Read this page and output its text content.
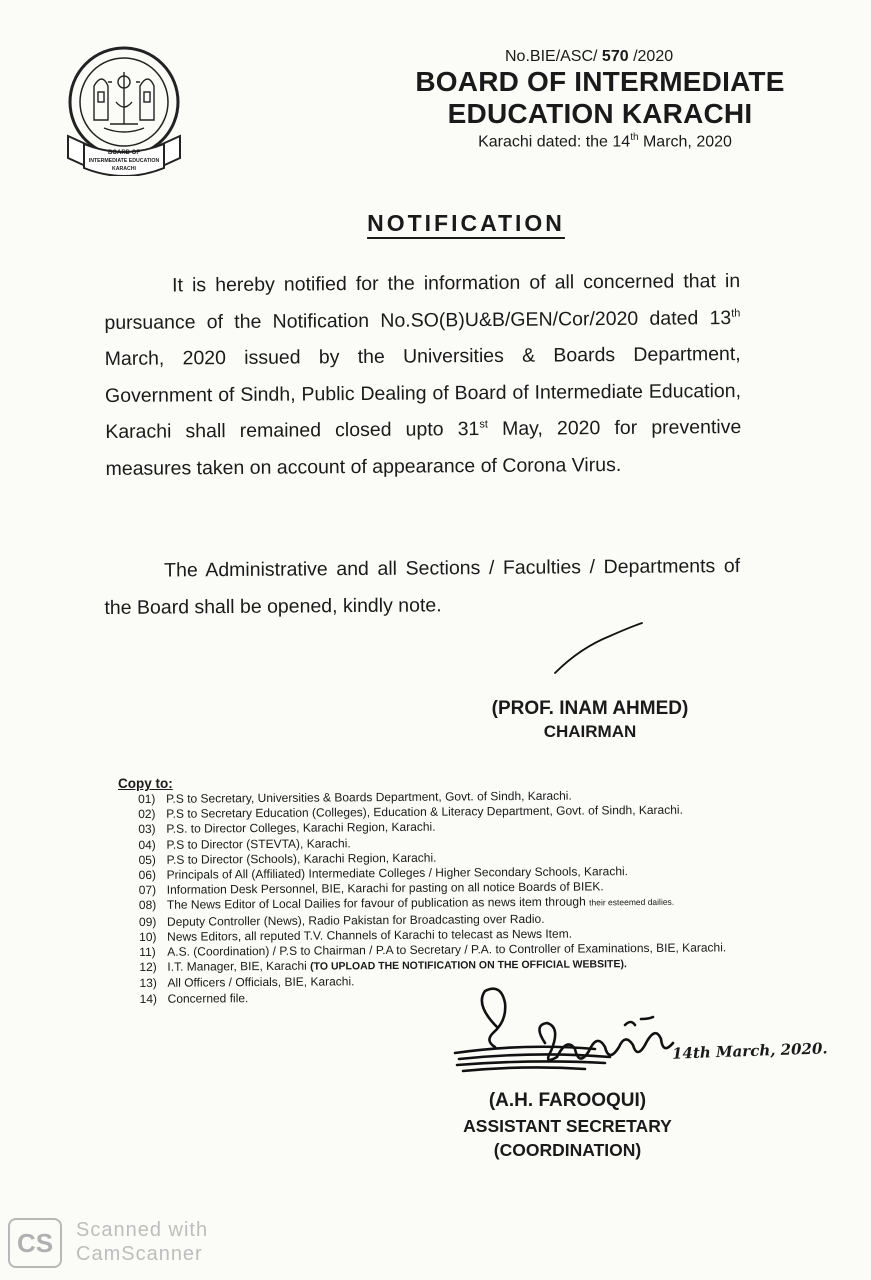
BOARD OF
INTERMEDIATE EDUCATION
KARACHI
No.BIE/ASC/ 570 /2020
BOARD OF INTERMEDIATE
EDUCATION KARACHI
Karachi dated: the 14th March, 2020
NOTIFICATION
It is hereby notified for the information of all concerned that in pursuance of the Notification No.SO(B)U&B/GEN/Cor/2020 dated 13th March, 2020 issued by the Universities & Boards Department, Government of Sindh, Public Dealing of Board of Intermediate Education, Karachi shall remained closed upto 31st May, 2020 for preventive measures taken on account of appearance of Corona Virus.
The Administrative and all Sections / Faculties / Departments of the Board shall be opened, kindly note.
(PROF. INAM AHMED)
CHAIRMAN
Copy to:
01) P.S to Secretary, Universities & Boards Department, Govt. of Sindh, Karachi.
02) P.S to Secretary Education (Colleges), Education & Literacy Department, Govt. of Sindh, Karachi.
03) P.S. to Director Colleges, Karachi Region, Karachi.
04) P.S to Director (STEVTA), Karachi.
05) P.S to Director (Schools), Karachi Region, Karachi.
06) Principals of All (Affiliated) Intermediate Colleges / Higher Secondary Schools, Karachi.
07) Information Desk Personnel, BIE, Karachi for pasting on all notice Boards of BIEK.
08) The News Editor of Local Dailies for favour of publication as news item through their esteemed dailies.
09) Deputy Controller (News), Radio Pakistan for Broadcasting over Radio.
10) News Editors, all reputed T.V. Channels of Karachi to telecast as News Item.
11) A.S. (Coordination) / P.S to Chairman / P.A to Secretary / P.A. to Controller of Examinations, BIE, Karachi.
12) I.T. Manager, BIE, Karachi (TO UPLOAD THE NOTIFICATION ON THE OFFICIAL WEBSITE).
13) All Officers / Officials, BIE, Karachi.
14) Concerned file.
14th March, 2020.
(A.H. FAROOQUI)
ASSISTANT SECRETARY
(COORDINATION)
CS	Scanned with
CamScanner
